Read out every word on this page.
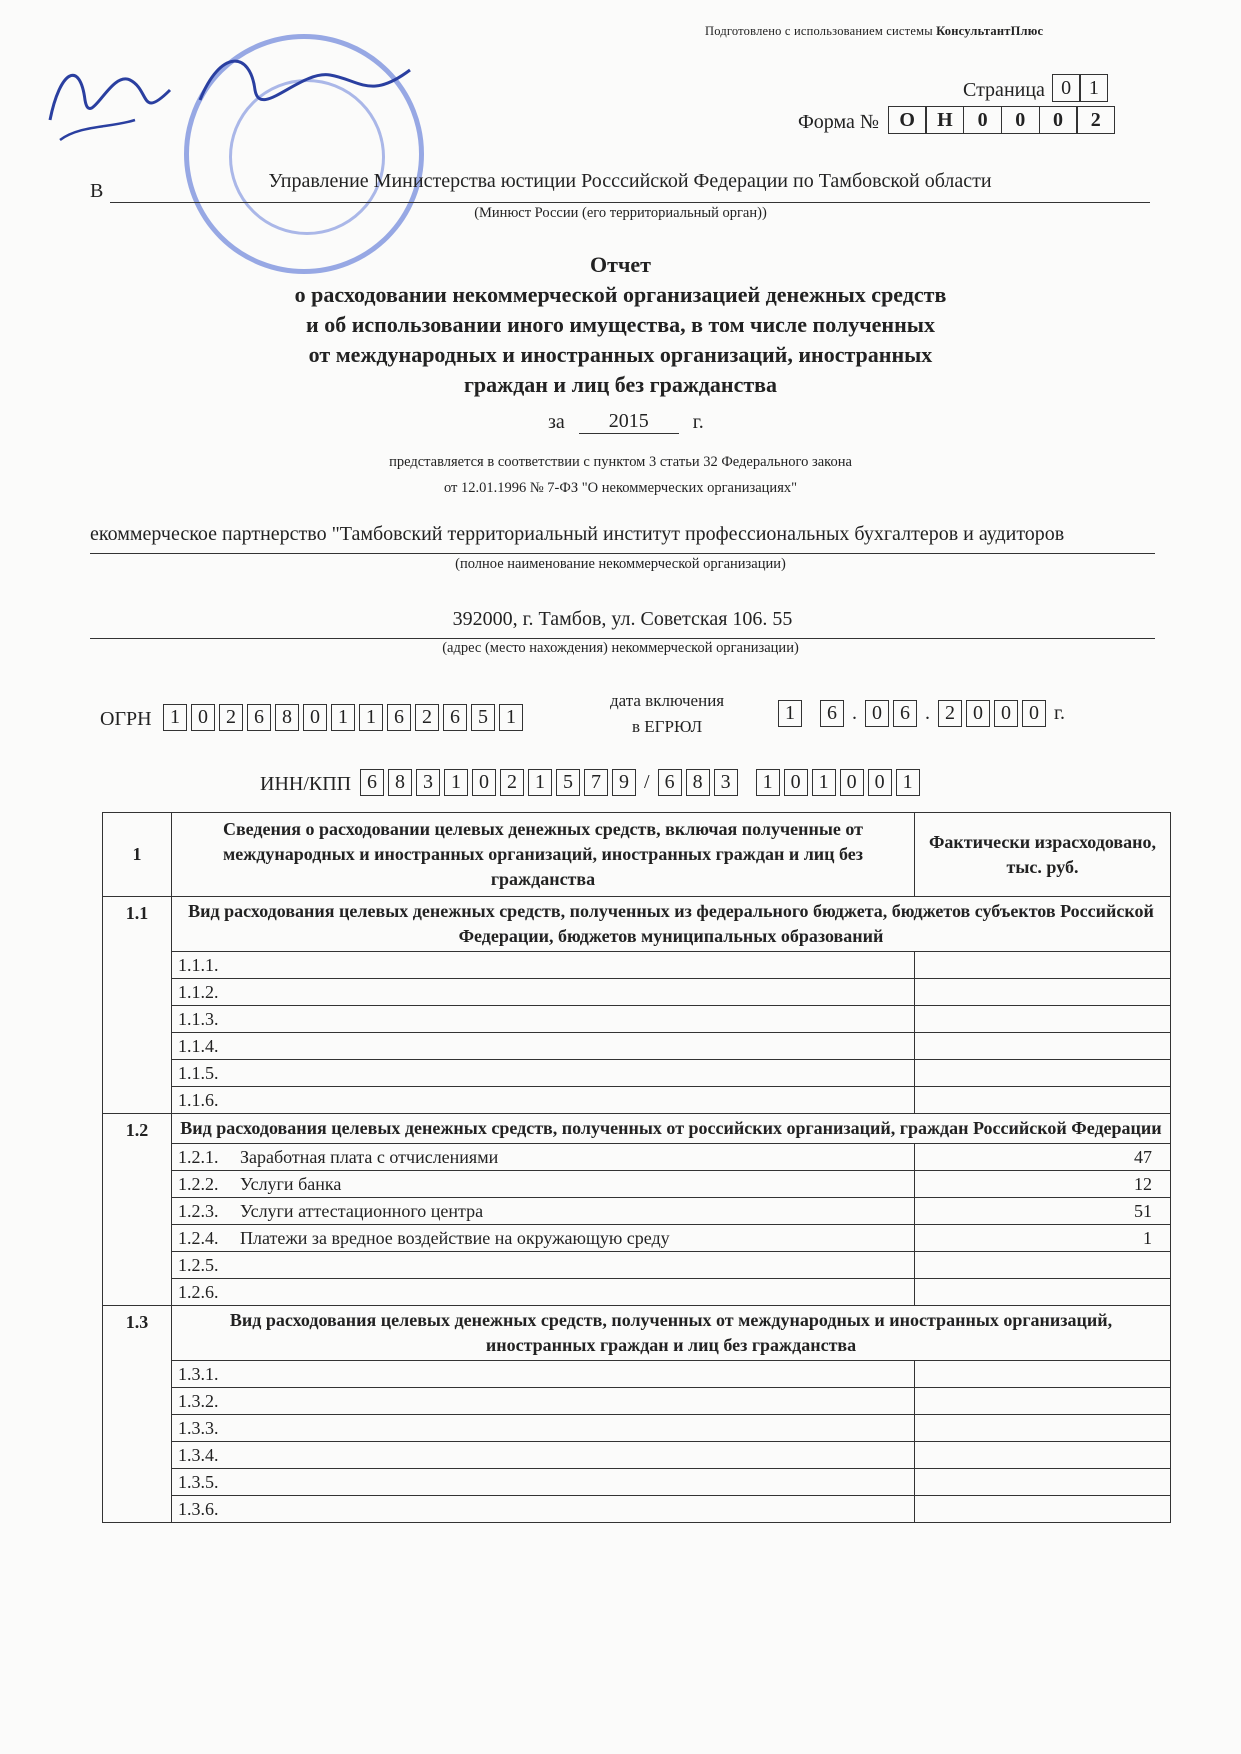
Подготовлено с использованием системы КонсультантПлюс
Страница 0 1
Форма №	О	Н	0	0	0	2
В	Управление Министерства юстиции Росcсийской Федерации по Тамбовской области
(Минюст России (его территориальный орган))
Отчет
о расходовании некоммерческой организацией денежных средств
и об использовании иного имущества, в том числе полученных
от международных и иностранных организаций, иностранных
граждан и лиц без гражданства
за	2015	г.
представляется в соответствии с пунктом 3 статьи 32 Федерального закона
от 12.01.1996 № 7-ФЗ "О некоммерческих организациях"
екоммерческое партнерство "Тамбовский территориальный институт профессиональных бухгалтеров и аудиторов
(полное наименование некоммерческой организации)
392000, г. Тамбов, ул. Советская 106. 55
(адрес (место нахождения) некоммерческой организации)
ОГРН 1 0 2 6 8 0 1 1 6 2 6 5 1
дата включения
в ЕГРЮЛ
1	6 . 0 6 . 2 0 0 0 г.
ИНН/КПП 6 8 3 1 0 2 1 5 7 9 / 6 8 3	1 0 1 0 0 1
1	Сведения о расходовании целевых денежных средств, включая полученные от международных и иностранных организаций, иностранных граждан и лиц без гражданства	Фактически израсходовано, тыс. руб.
1.1	Вид расходования целевых денежных средств, полученных из федерального бюджета, бюджетов субъектов Российской Федерации, бюджетов муниципальных образований	
	1.1.1.	
	1.1.2.	
	1.1.3.	
	1.1.4.	
	1.1.5.	
	1.1.6.	
1.2	Вид расходования целевых денежных средств, полученных от российских организаций, граждан Российской Федерации	
	1.2.1. Заработная плата с отчислениями	47
	1.2.2. Услуги банка	12
	1.2.3. Услуги аттестационного центра	51
	1.2.4. Платежи за вредное воздействие на окружающую среду	1
	1.2.5.	
	1.2.6.	
1.3	Вид расходования целевых денежных средств, полученных от международных и иностранных организаций, иностранных граждан и лиц без гражданства	
	1.3.1.	
	1.3.2.	
	1.3.3.	
	1.3.4.	
	1.3.5.	
	1.3.6.	
